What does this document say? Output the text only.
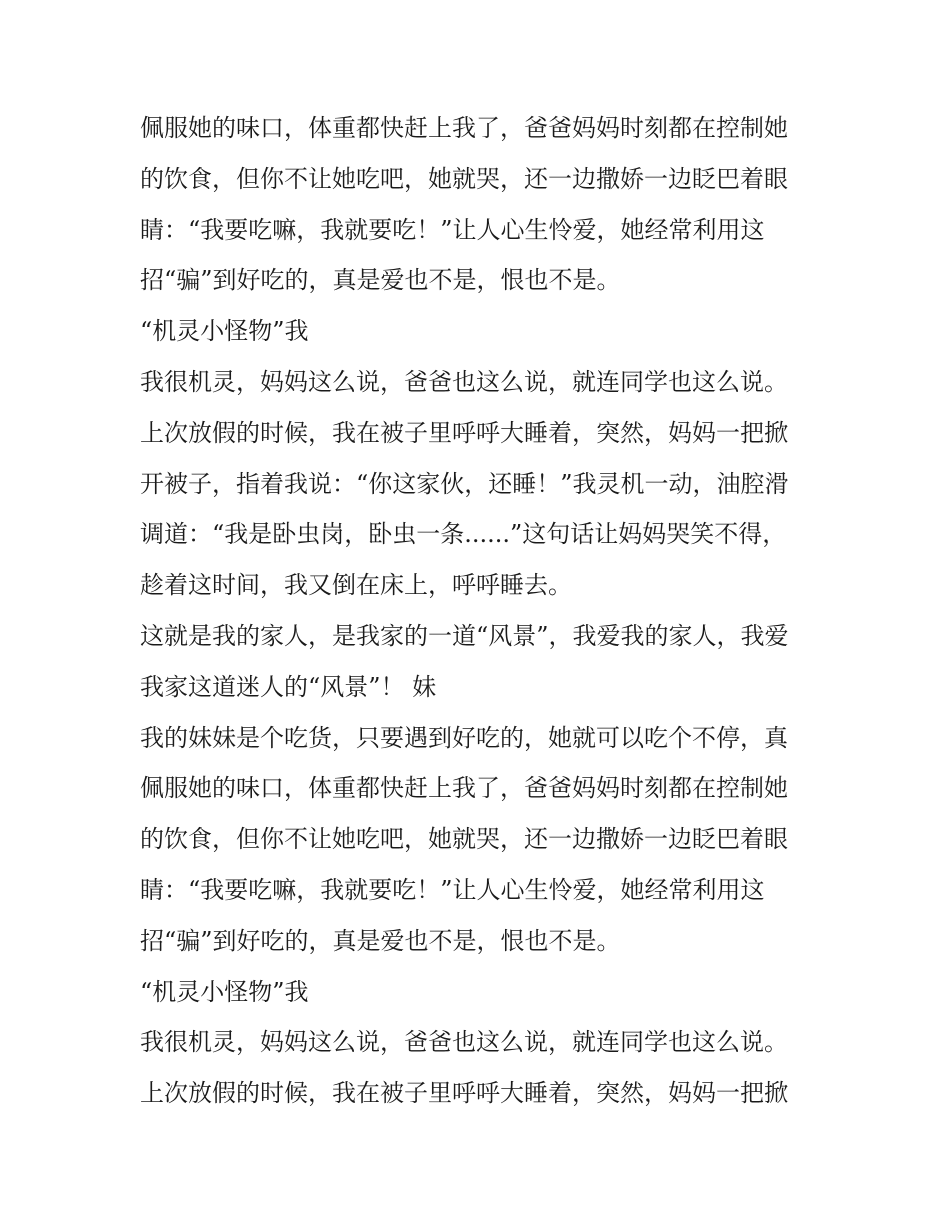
佩服她的味口，体重都快赶上我了，爸爸妈妈时刻都在控制她
的饮食，但你不让她吃吧，她就哭，还一边撒娇一边眨巴着眼
睛：“我要吃嘛，我就要吃！”让人心生怜爱，她经常利用这
招“骗”到好吃的，真是爱也不是，恨也不是。
“机灵小怪物”我
我很机灵，妈妈这么说，爸爸也这么说，就连同学也这么说。
上次放假的时候，我在被子里呼呼大睡着，突然，妈妈一把掀
开被子，指着我说：“你这家伙，还睡！”我灵机一动，油腔滑
调道：“我是卧虫岗，卧虫一条......”这句话让妈妈哭笑不得，
趁着这时间，我又倒在床上，呼呼睡去。
这就是我的家人，是我家的一道“风景”，我爱我的家人，我爱
我家这道迷人的“风景”！ 妹
我的妹妹是个吃货，只要遇到好吃的，她就可以吃个不停，真
佩服她的味口，体重都快赶上我了，爸爸妈妈时刻都在控制她
的饮食，但你不让她吃吧，她就哭，还一边撒娇一边眨巴着眼
睛：“我要吃嘛，我就要吃！”让人心生怜爱，她经常利用这
招“骗”到好吃的，真是爱也不是，恨也不是。
“机灵小怪物”我
我很机灵，妈妈这么说，爸爸也这么说，就连同学也这么说。
上次放假的时候，我在被子里呼呼大睡着，突然，妈妈一把掀
